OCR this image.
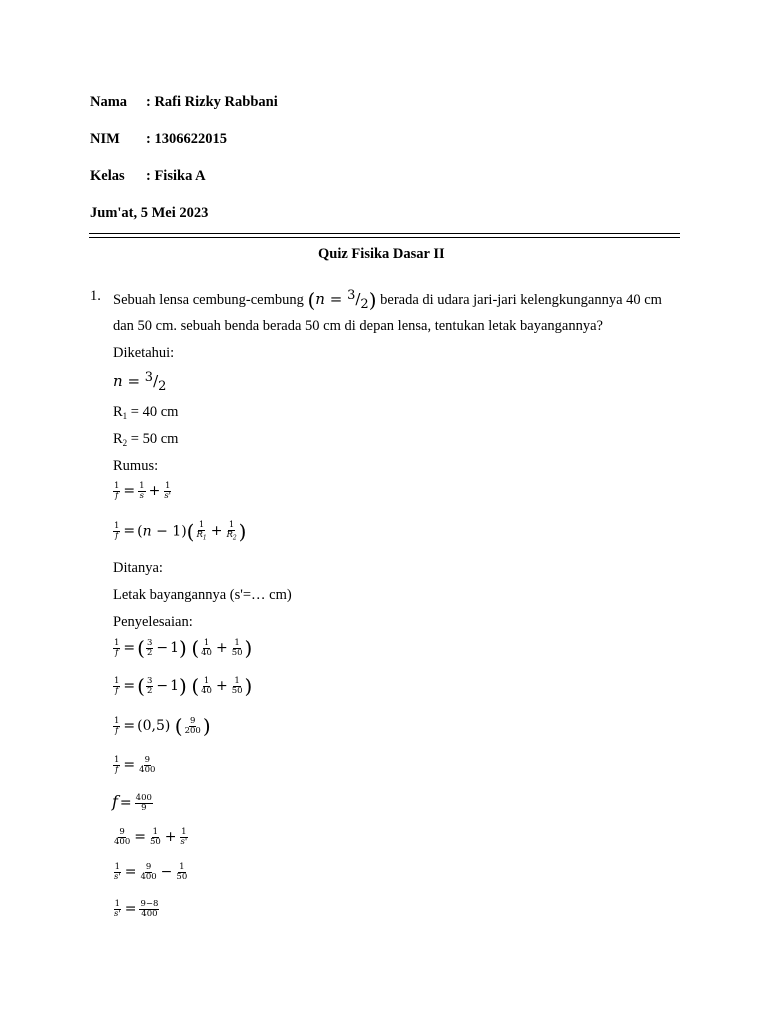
Nama : Rafi Rizky Rabbani
NIM : 1306622015
Kelas : Fisika A
Jum'at, 5 Mei 2023
Quiz Fisika Dasar II
1. Sebuah lensa cembung-cembung (n = 3/2) berada di udara jari-jari kelengkungannya 40 cm
dan 50 cm. sebuah benda berada 50 cm di depan lensa, tentukan letak bayangannya?
Diketahui:
n = 3/2
$R_1 = 40$ cm
$R_2 = 50$ cm
Rumus:
$\frac{1}{f} = \frac{1}{s} + \frac{1}{s'}$
$\frac{1}{f} = (n - 1)( \frac{1}{R_1} + \frac{1}{R_2}$ )
Ditanya:
Letak bayangannya (s'=… cm)
Penyelesaian:
$\frac{1}{f}$ = ( $\frac{3}{2} - 1$) ( $\frac{1}{40} + \frac{1}{50}$ )
$\frac{1}{f}$ = ( $\frac{3}{2} - 1$) ( $\frac{1}{40} + \frac{1}{50}$ )
$\frac{1}{f} = (0,5)$ ( $\frac{9}{200}$ )
$\frac{1}{f} = \frac{9}{400}$
$f = \frac{400}{9}$
$\frac{9}{400} = \frac{1}{50} + \frac{1}{s'}$
$\frac{1}{s'} = \frac{9}{400} - \frac{1}{50}$
$\frac{1}{s'} = \frac{9-8}{400}$
